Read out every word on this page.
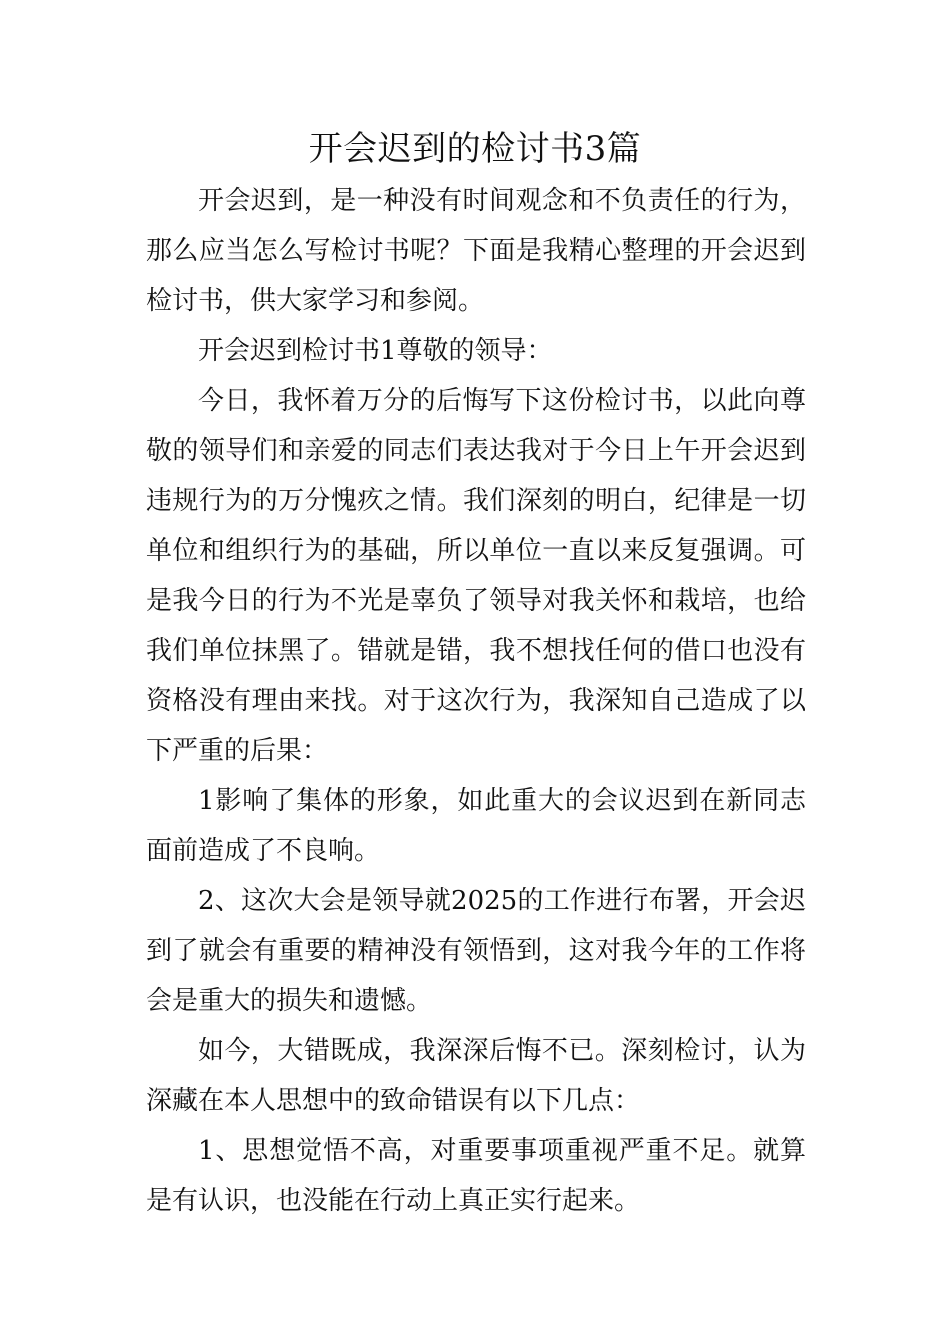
开会迟到的检讨书3篇

开会迟到，是一种没有时间观念和不负责任的行为，那么应当怎么写检讨书呢？下面是我精心整理的开会迟到检讨书，供大家学习和参阅。

开会迟到检讨书1尊敬的领导：

今日，我怀着万分的后悔写下这份检讨书，以此向尊敬的领导们和亲爱的同志们表达我对于今日上午开会迟到违规行为的万分愧疚之情。我们深刻的明白，纪律是一切单位和组织行为的基础，所以单位一直以来反复强调。可是我今日的行为不光是辜负了领导对我关怀和栽培，也给我们单位抹黑了。错就是错，我不想找任何的借口也没有资格没有理由来找。对于这次行为，我深知自己造成了以下严重的后果：

1影响了集体的形象，如此重大的会议迟到在新同志面前造成了不良响。

2、这次大会是领导就2025的工作进行布署，开会迟到了就会有重要的精神没有领悟到，这对我今年的工作将会是重大的损失和遗憾。

如今，大错既成，我深深后悔不已。深刻检讨，认为深藏在本人思想中的致命错误有以下几点：

1、思想觉悟不高，对重要事项重视严重不足。就算是有认识，也没能在行动上真正实行起来。
